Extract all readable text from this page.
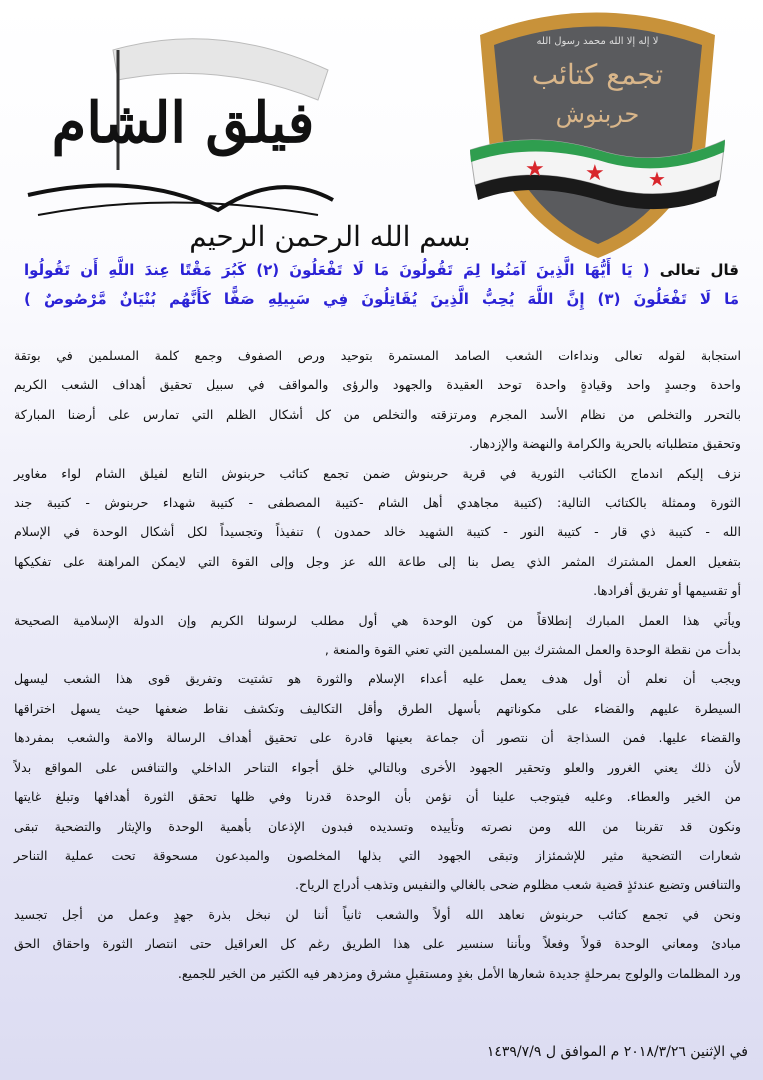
فيلق الشام
★ ★ ★
لا إله إلا الله محمد رسول الله
تجمع كتائب
حربنوش
بسم الله الرحمن الرحيم
قال تعالى ( يَا أَيُّهَا الَّذِينَ آمَنُوا لِمَ تَقُولُونَ مَا لَا تَفْعَلُونَ (٢) كَبُرَ مَقْتًا عِندَ اللَّهِ أَن تَقُولُوا
مَا لَا تَفْعَلُونَ (٣) إِنَّ اللَّهَ يُحِبُّ الَّذِينَ يُقَاتِلُونَ فِي سَبِيلِهِ صَفًّا كَأَنَّهُم بُنْيَانٌ مَّرْصُوصٌ )
استجابة لقوله تعالى ونداءات الشعب الصامد المستمرة بتوحيد ورص الصفوف وجمع كلمة المسلمين في بوتقة
واحدة وجسدٍ واحد وقيادةٍ واحدة توحد العقيدة والجهود والرؤى والمواقف في سبيل تحقيق أهداف الشعب الكريم
بالتحرر والتخلص من نظام الأسد المجرم ومرتزقته والتخلص من كل أشكال الظلم التي تمارس على أرضنا المباركة
وتحقيق متطلباته بالحرية والكرامة والنهضة والإزدهار.
نزف إليكم اندماج الكتائب الثورية في قرية حربنوش ضمن تجمع كتائب حربنوش التابع لفيلق الشام لواء مغاوير
الثورة وممثلة بالكتائب التالية: (كتيبة مجاهدي أهل الشام -كتيبة المصطفى - كتيبة شهداء حربنوش - كتيبة جند
الله - كتيبة ذي قار - كتيبة النور - كتيبة الشهيد خالد حمدون ) تنفيذاً وتجسيداً لكل أشكال الوحدة في الإسلام
بتفعيل العمل المشترك المثمر الذي يصل بنا إلى طاعة الله عز وجل وإلى القوة التي لايمكن المراهنة على تفكيكها
أو تقسيمها أو تفريق أفرادها.
ويأتي هذا العمل المبارك إنطلاقاً من كون الوحدة هي أول مطلب لرسولنا الكريم وإن الدولة الإسلامية الصحيحة
بدأت من نقطة الوحدة والعمل المشترك بين المسلمين التي تعني القوة والمنعة ,
ويجب أن نعلم أن أول هدف يعمل عليه أعداء الإسلام والثورة هو تشتيت وتفريق قوى هذا الشعب ليسهل
السيطرة عليهم والقضاء على مكوناتهم بأسهل الطرق وأقل التكاليف وتكشف نقاط ضعفها حيث يسهل اختراقها
والقضاء عليها. فمن السذاجة أن نتصور أن جماعة بعينها قادرة على تحقيق أهداف الرسالة والامة والشعب بمفردها
لأن ذلك يعني الغرور والعلو وتحقير الجهود الأخرى وبالتالي خلق أجواء التناحر الداخلي والتنافس على المواقع بدلاً
من الخير والعطاء. وعليه فيتوجب علينا أن نؤمن بأن الوحدة قدرنا وفي ظلها تحقق الثورة أهدافها وتبلغ غايتها
ونكون قد تقربنا من الله ومن نصرته وتأييده وتسديده فبدون الإذعان بأهمية الوحدة والإيثار والتضحية تبقى
شعارات التضحية مثير للإشمئزاز وتبقى الجهود التي بذلها المخلصون والمبدعون مسحوقة تحت عملية التناحر
والتنافس وتضيع عندئذٍ قضية شعب مظلوم ضحى بالغالي والنفيس وتذهب أدراج الرياح.
ونحن في تجمع كتائب حربنوش نعاهد الله أولاً والشعب ثانياً أننا لن نبخل بذرة جهدٍ وعمل من أجل تجسيد
مبادئ ومعاني الوحدة قولاً وفعلاً وبأننا سنسير على هذا الطريق رغم كل العراقيل حتى انتصار الثورة واحقاق الحق
ورد المظلمات والولوج بمرحلةٍ جديدة شعارها الأمل بغدٍ ومستقبلٍ مشرق ومزدهر فيه الكثير من الخير للجميع.
في الإثنين ٢٠١٨/٣/٢٦ م الموافق ل ١٤٣٩/٧/٩
